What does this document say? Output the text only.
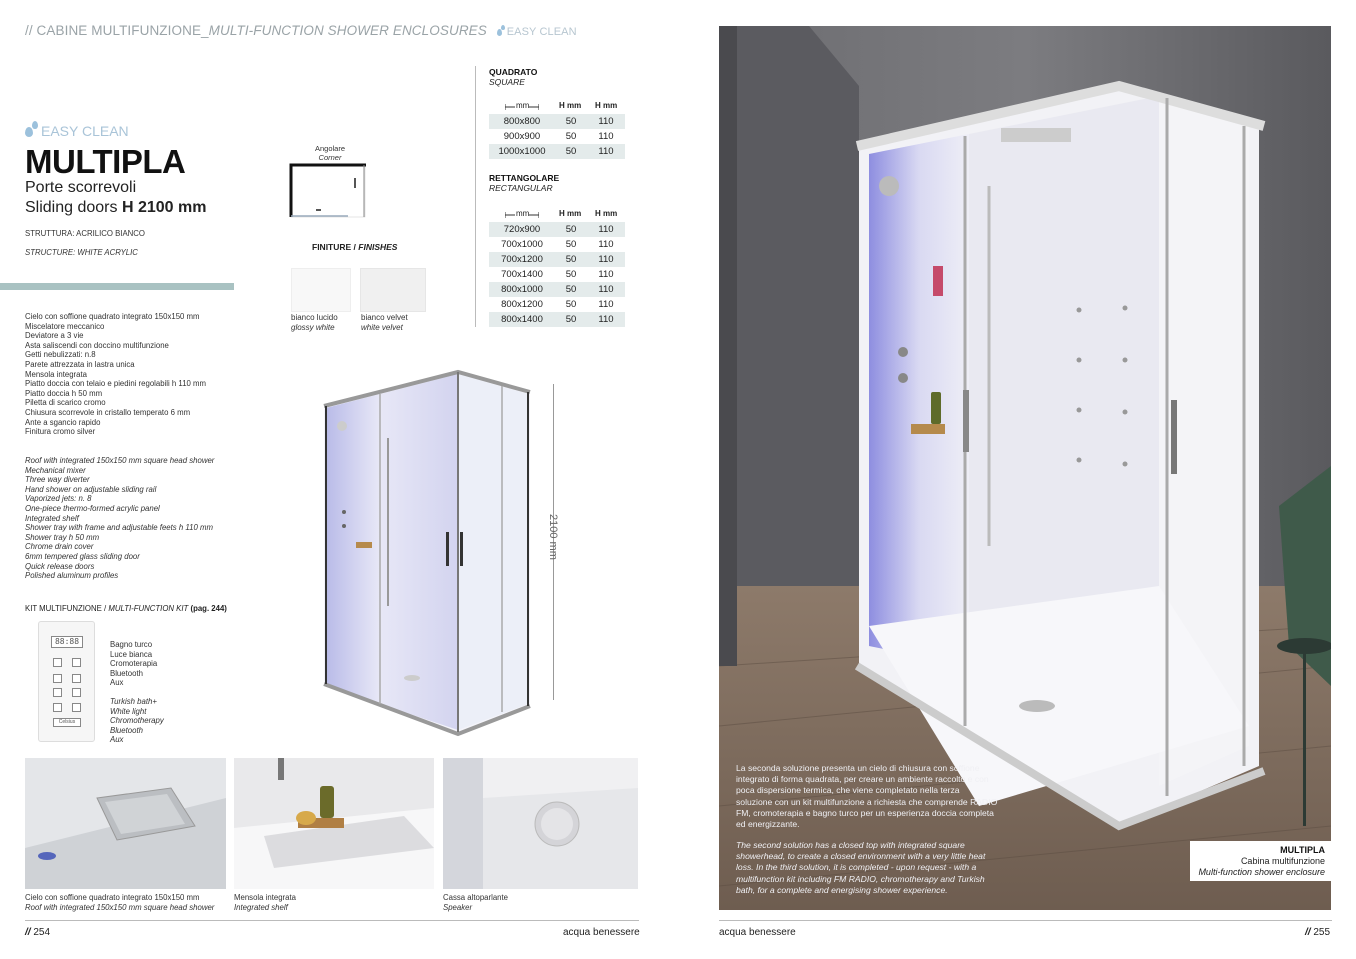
// CABINE MULTIFUNZIONE_MULTI-FUNCTION SHOWER ENCLOSURES EASY CLEAN
EASY CLEAN
MULTIPLA
Porte scorrevoli
Sliding doors H 2100 mm
STRUTTURA: ACRILICO BIANCO
STRUCTURE: WHITE ACRYLIC
Cielo con soffione quadrato integrato 150x150 mm
Miscelatore meccanico
Deviatore a 3 vie
Asta saliscendi con doccino multifunzione
Getti nebulizzati: n.8
Parete attrezzata in lastra unica
Mensola integrata
Piatto doccia con telaio e piedini regolabili h 110 mm
Piatto doccia h 50 mm
Piletta di scarico cromo
Chiusura scorrevole in cristallo temperato 6 mm
Ante a sgancio rapido
Finitura cromo silver
Roof with integrated 150x150 mm square head shower
Mechanical mixer
Three way diverter
Hand shower on adjustable sliding rail
Vaporized jets: n. 8
One-piece thermo-formed acrylic panel
Integrated shelf
Shower tray with frame and adjustable feets h 110 mm
Shower tray h 50 mm
Chrome drain cover
6mm tempered glass sliding door
Quick release doors
Polished aluminum profiles
KIT MULTIFUNZIONE / MULTI-FUNCTION KIT (pag. 244)
88:88
Celsius
Bagno turco
Luce bianca
Cromoterapia
Bluetooth
Aux
Turkish bath+
White light
Chromotherapy
Bluetooth
Aux
Angolare
Corner
FINITURE / FINISHES
bianco lucido
glossy white
bianco velvet
white velvet
QUADRATO
SQUARE
mm	H mm H mm
800x800	50	110
900x900	50	110
1000x1000	50	110
RETTANGOLARE
RECTANGULAR
mm	H mm H mm
720x900	50	110
700x1000	50	110
700x1200	50	110
700x1400	50	110
800x1000	50	110
800x1200	50	110
800x1400	50	110
2100 mm
Cielo con soffione quadrato integrato 150x150 mm
Roof with integrated 150x150 mm square head shower
Mensola integrata
Integrated shelf
Cassa altoparlante
Speaker
// 254	acqua benessere
La seconda soluzione presenta un cielo di chiusura con soffione integrato di forma quadrata, per creare un ambiente raccolto e con poca dispersione termica, che viene completato nella terza soluzione con un kit multifunzione a richiesta che comprende RADIO FM, cromoterapia e bagno turco per un esperienza doccia completa ed energizzante.
The second solution has a closed top with integrated square showerhead, to create a closed environment with a very little heat loss. In the third solution, it is completed - upon request - with a multifunction kit including FM RADIO, chromotherapy and Turkish bath, for a complete and energising shower experience.
MULTIPLA
Cabina multifunzione
Multi-function shower enclosure
acqua benessere	// 255
